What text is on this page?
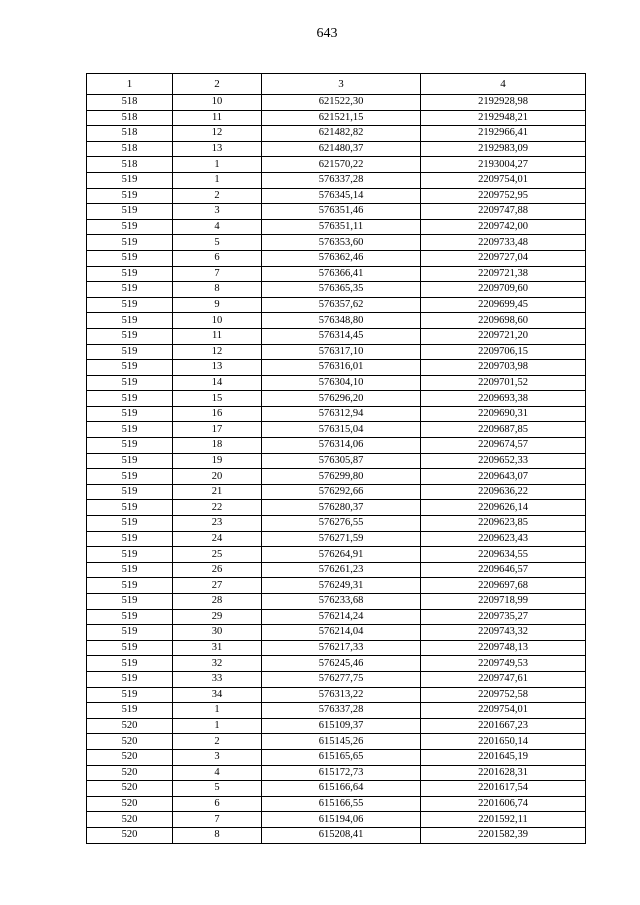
643
1	2	3	4
518	10	621522,30	2192928,98
518	11	621521,15	2192948,21
518	12	621482,82	2192966,41
518	13	621480,37	2192983,09
518	1	621570,22	2193004,27
519	1	576337,28	2209754,01
519	2	576345,14	2209752,95
519	3	576351,46	2209747,88
519	4	576351,11	2209742,00
519	5	576353,60	2209733,48
519	6	576362,46	2209727,04
519	7	576366,41	2209721,38
519	8	576365,35	2209709,60
519	9	576357,62	2209699,45
519	10	576348,80	2209698,60
519	11	576314,45	2209721,20
519	12	576317,10	2209706,15
519	13	576316,01	2209703,98
519	14	576304,10	2209701,52
519	15	576296,20	2209693,38
519	16	576312,94	2209690,31
519	17	576315,04	2209687,85
519	18	576314,06	2209674,57
519	19	576305,87	2209652,33
519	20	576299,80	2209643,07
519	21	576292,66	2209636,22
519	22	576280,37	2209626,14
519	23	576276,55	2209623,85
519	24	576271,59	2209623,43
519	25	576264,91	2209634,55
519	26	576261,23	2209646,57
519	27	576249,31	2209697,68
519	28	576233,68	2209718,99
519	29	576214,24	2209735,27
519	30	576214,04	2209743,32
519	31	576217,33	2209748,13
519	32	576245,46	2209749,53
519	33	576277,75	2209747,61
519	34	576313,22	2209752,58
519	1	576337,28	2209754,01
520	1	615109,37	2201667,23
520	2	615145,26	2201650,14
520	3	615165,65	2201645,19
520	4	615172,73	2201628,31
520	5	615166,64	2201617,54
520	6	615166,55	2201606,74
520	7	615194,06	2201592,11
520	8	615208,41	2201582,39
